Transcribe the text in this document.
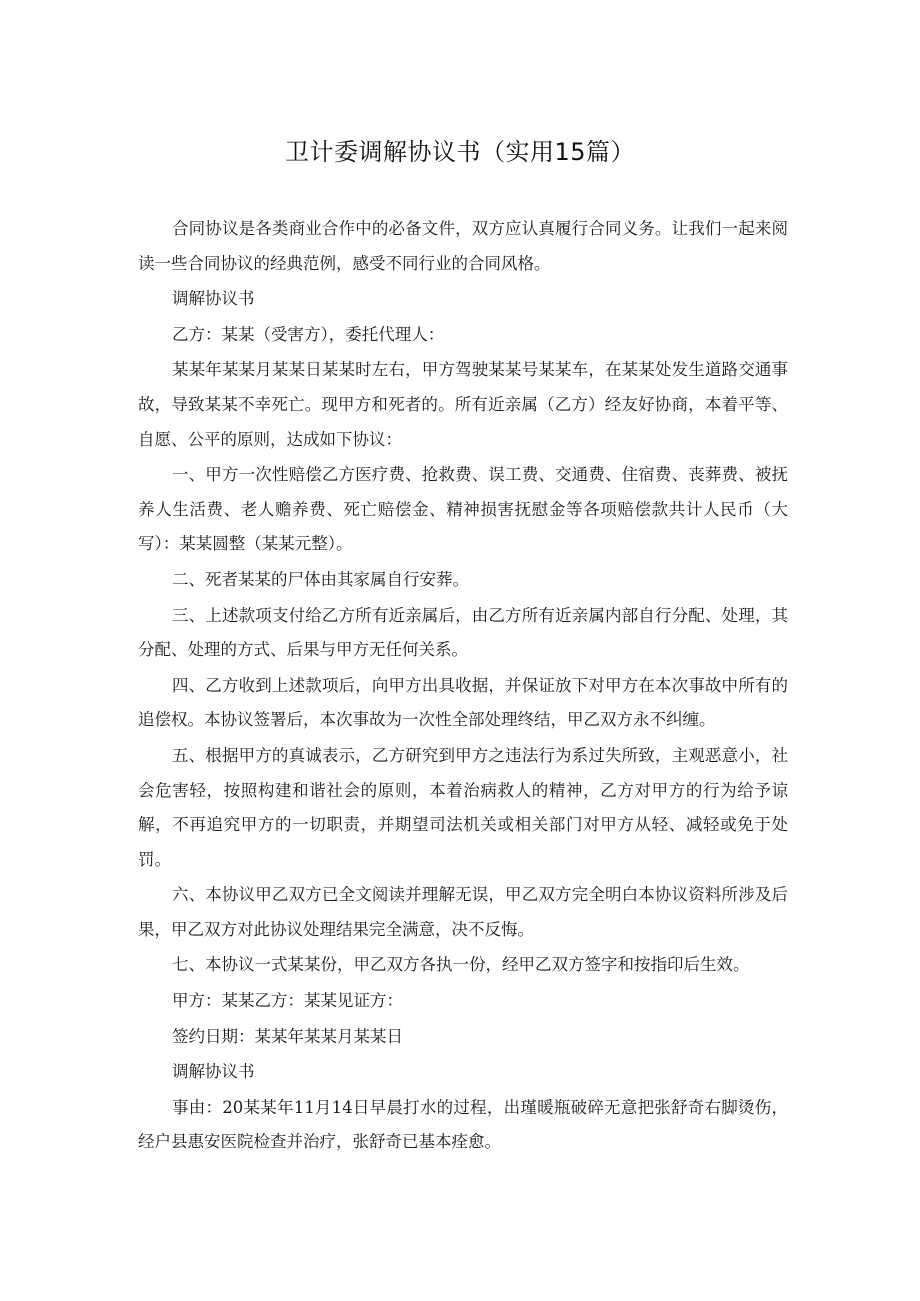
卫计委调解协议书（实用15篇）

合同协议是各类商业合作中的必备文件，双方应认真履行合同义务。让我们一起来阅读一些合同协议的经典范例，感受不同行业的合同风格。

调解协议书

乙方：某某（受害方），委托代理人：

某某年某某月某某日某某时左右，甲方驾驶某某号某某车，在某某处发生道路交通事故，导致某某不幸死亡。现甲方和死者的。所有近亲属（乙方）经友好协商，本着平等、自愿、公平的原则，达成如下协议：

一、甲方一次性赔偿乙方医疗费、抢救费、误工费、交通费、住宿费、丧葬费、被抚养人生活费、老人赡养费、死亡赔偿金、精神损害抚慰金等各项赔偿款共计人民币（大写）：某某圆整（某某元整）。

二、死者某某的尸体由其家属自行安葬。

三、上述款项支付给乙方所有近亲属后，由乙方所有近亲属内部自行分配、处理，其分配、处理的方式、后果与甲方无任何关系。

四、乙方收到上述款项后，向甲方出具收据，并保证放下对甲方在本次事故中所有的追偿权。本协议签署后，本次事故为一次性全部处理终结，甲乙双方永不纠缠。

五、根据甲方的真诚表示，乙方研究到甲方之违法行为系过失所致，主观恶意小，社会危害轻，按照构建和谐社会的原则，本着治病救人的精神，乙方对甲方的行为给予谅解，不再追究甲方的一切职责，并期望司法机关或相关部门对甲方从轻、减轻或免于处罚。

六、本协议甲乙双方已全文阅读并理解无误，甲乙双方完全明白本协议资料所涉及后果，甲乙双方对此协议处理结果完全满意，决不反悔。

七、本协议一式某某份，甲乙双方各执一份，经甲乙双方签字和按指印后生效。

甲方：某某乙方：某某见证方：

签约日期：某某年某某月某某日

调解协议书

事由：20某某年11月14日早晨打水的过程，出瑾暖瓶破碎无意把张舒奇右脚烫伤，经户县惠安医院检查并治疗，张舒奇已基本痊愈。
